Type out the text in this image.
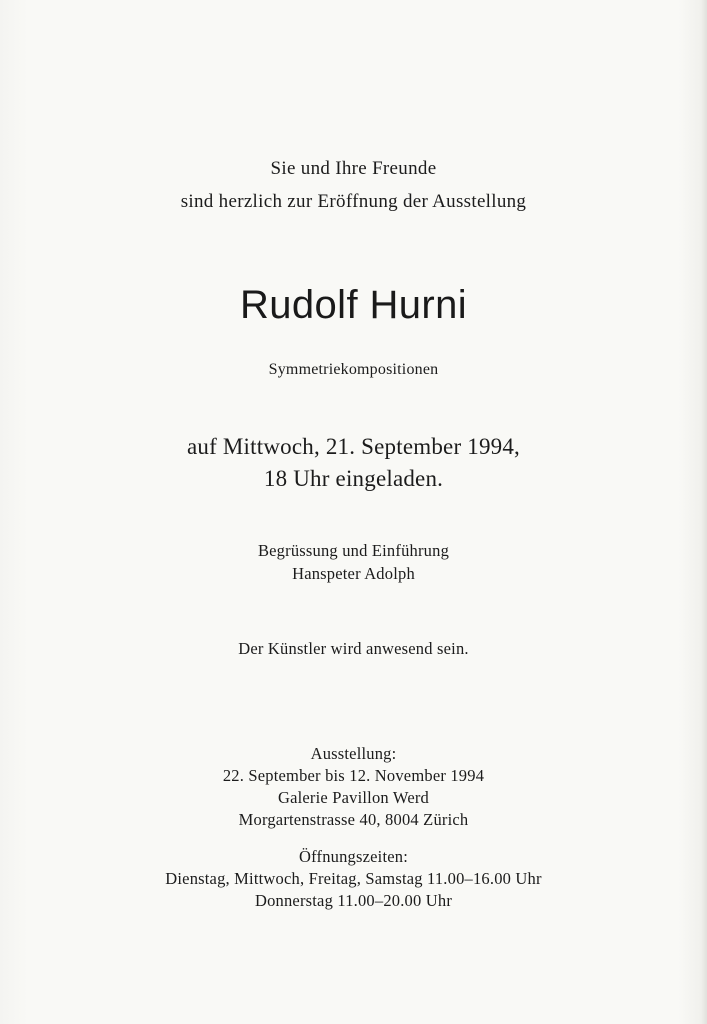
Sie und Ihre Freunde
sind herzlich zur Eröffnung der Ausstellung
Rudolf Hurni
Symmetriekompositionen
auf Mittwoch, 21. September 1994,
18 Uhr eingeladen.
Begrüssung und Einführung
Hanspeter Adolph
Der Künstler wird anwesend sein.
Ausstellung:
22. September bis 12. November 1994
Galerie Pavillon Werd
Morgartenstrasse 40, 8004 Zürich
Öffnungszeiten:
Dienstag, Mittwoch, Freitag, Samstag 11.00–16.00 Uhr
Donnerstag 11.00–20.00 Uhr
